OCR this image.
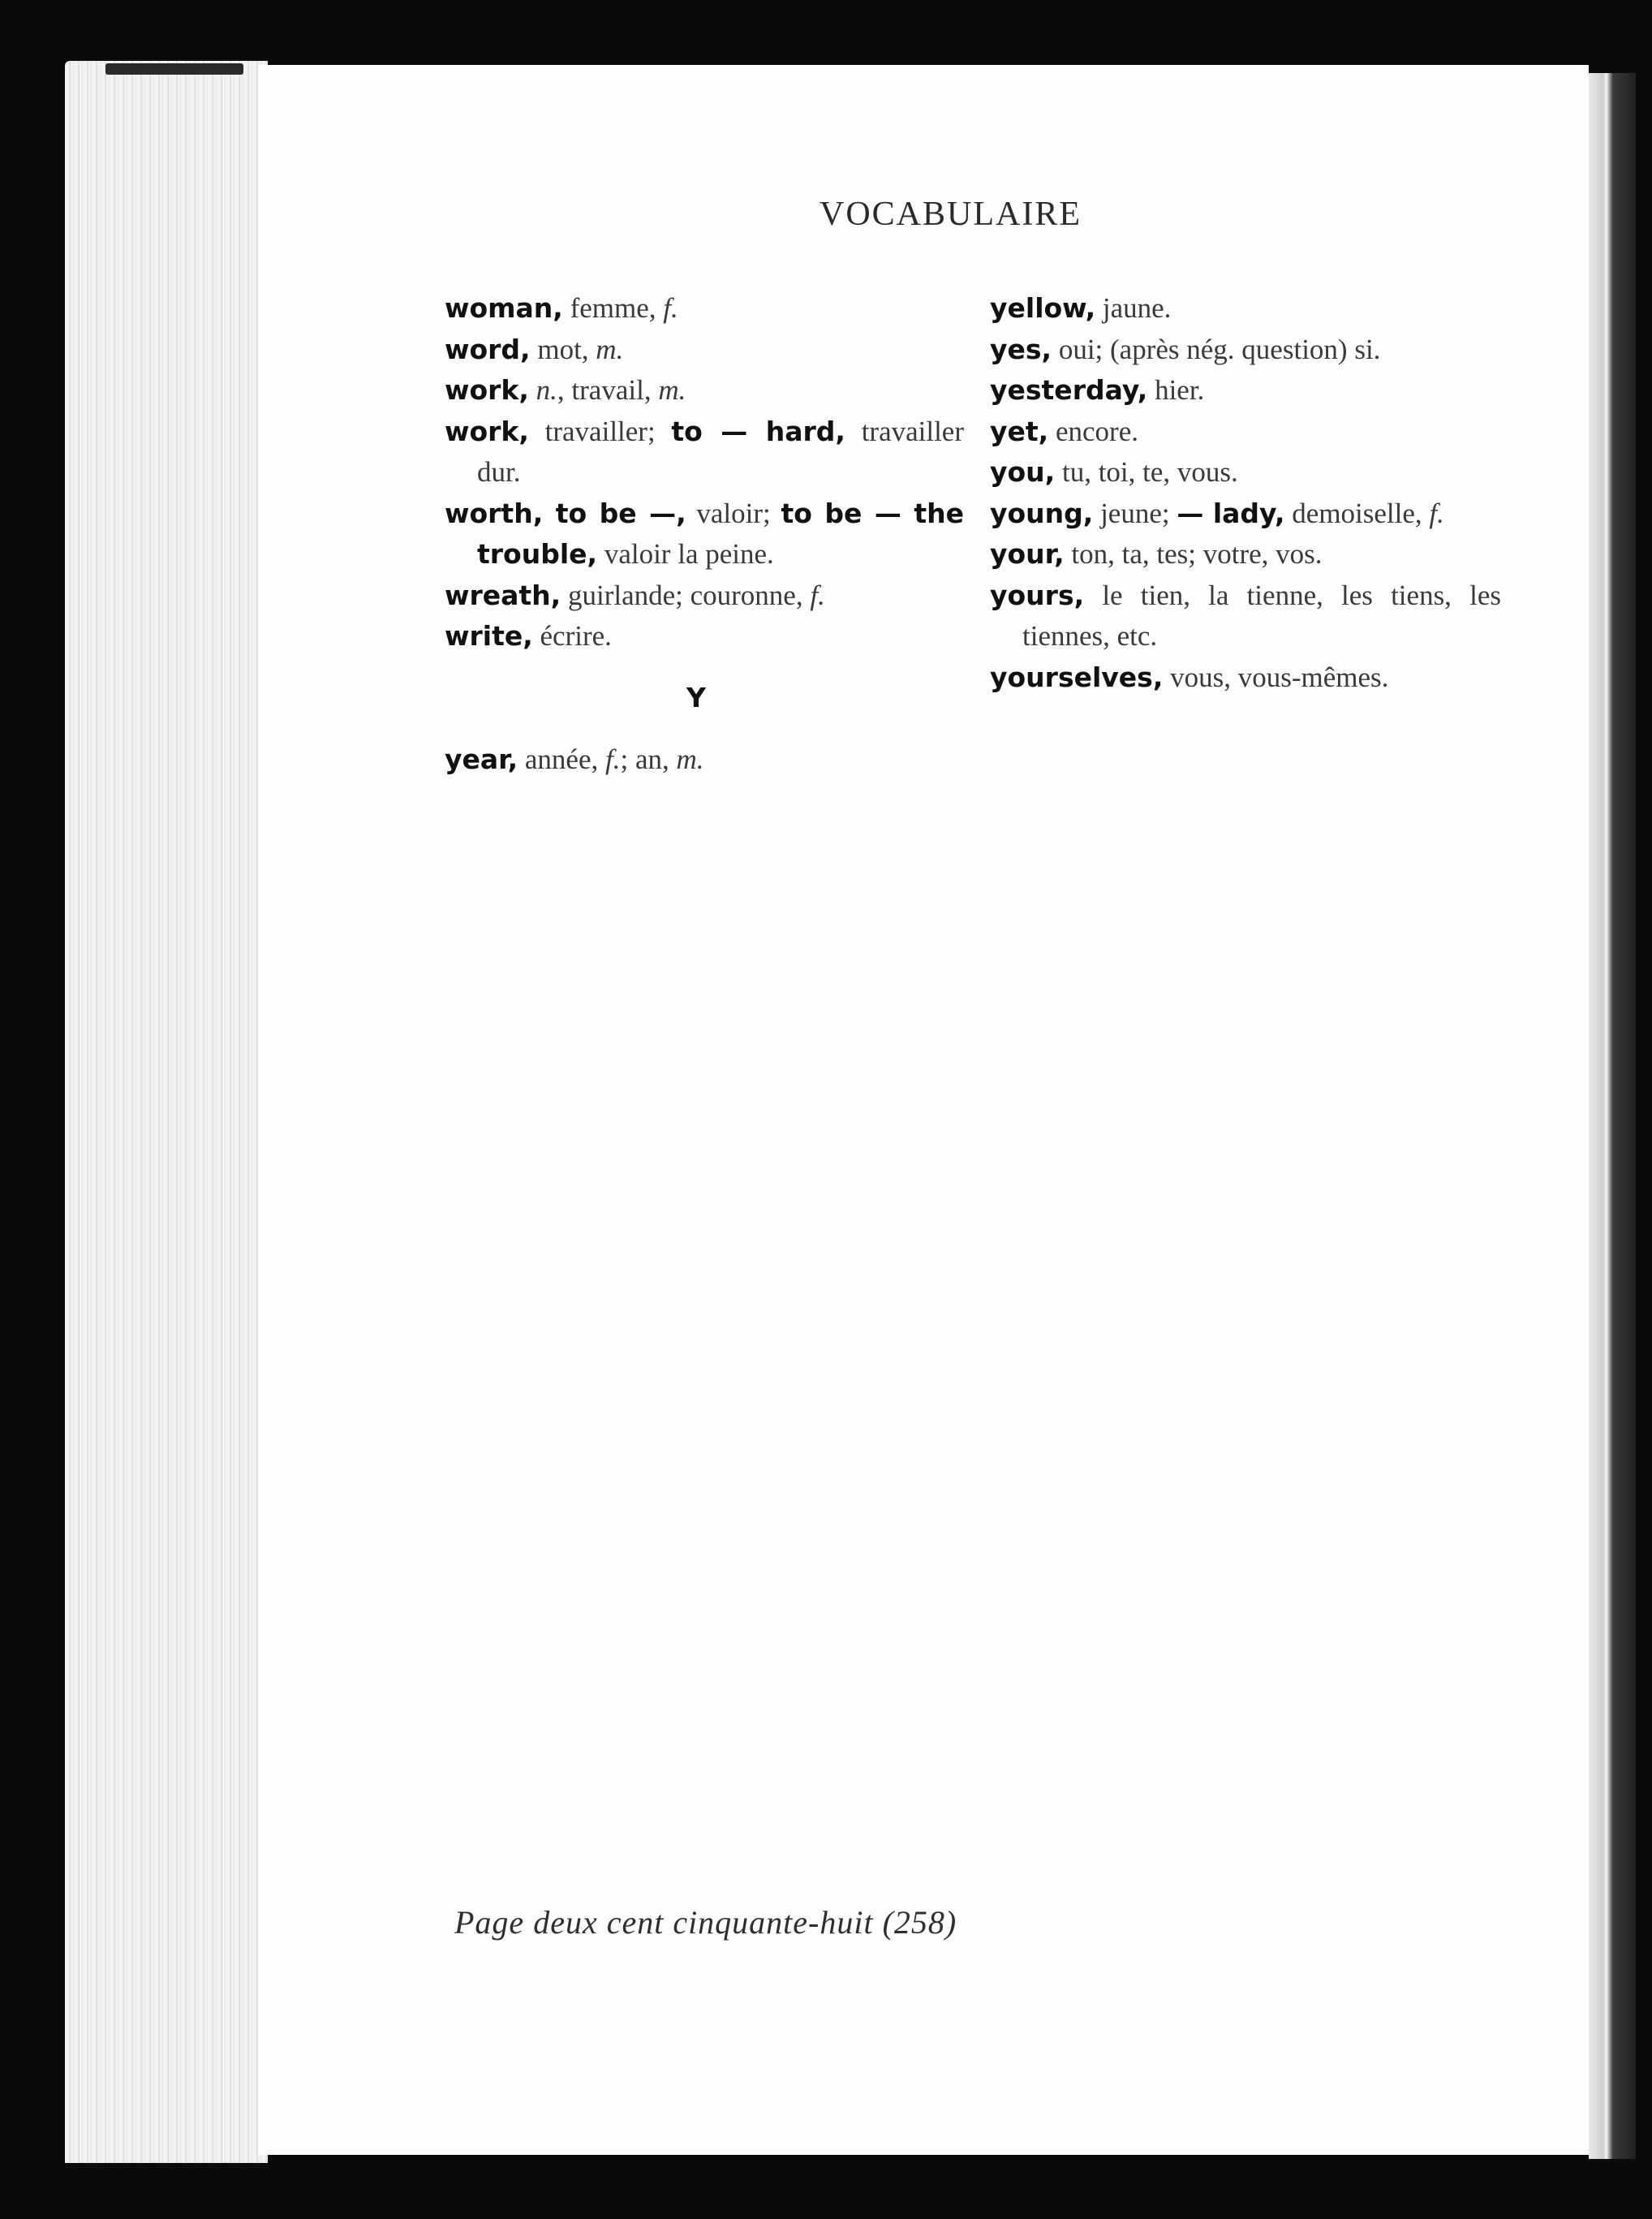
VOCABULAIRE

woman, femme, f.

word, mot, m.

work, n., travail, m.

work, travailler; to — hard, travailler dur.

worth, to be —, valoir; to be — the trouble, valoir la peine.

wreath, guirlande; couronne, f.

write, écrire.

Y

year, année, f.; an, m.

yellow, jaune.

yes, oui; (après nég. question) si.

yesterday, hier.

yet, encore.

you, tu, toi, te, vous.

young, jeune; — lady, demoiselle, f.

your, ton, ta, tes; votre, vos.

yours, le tien, la tienne, les tiens, les tiennes, etc.

yourselves, vous, vous-mêmes.

Page deux cent cinquante-huit (258)
